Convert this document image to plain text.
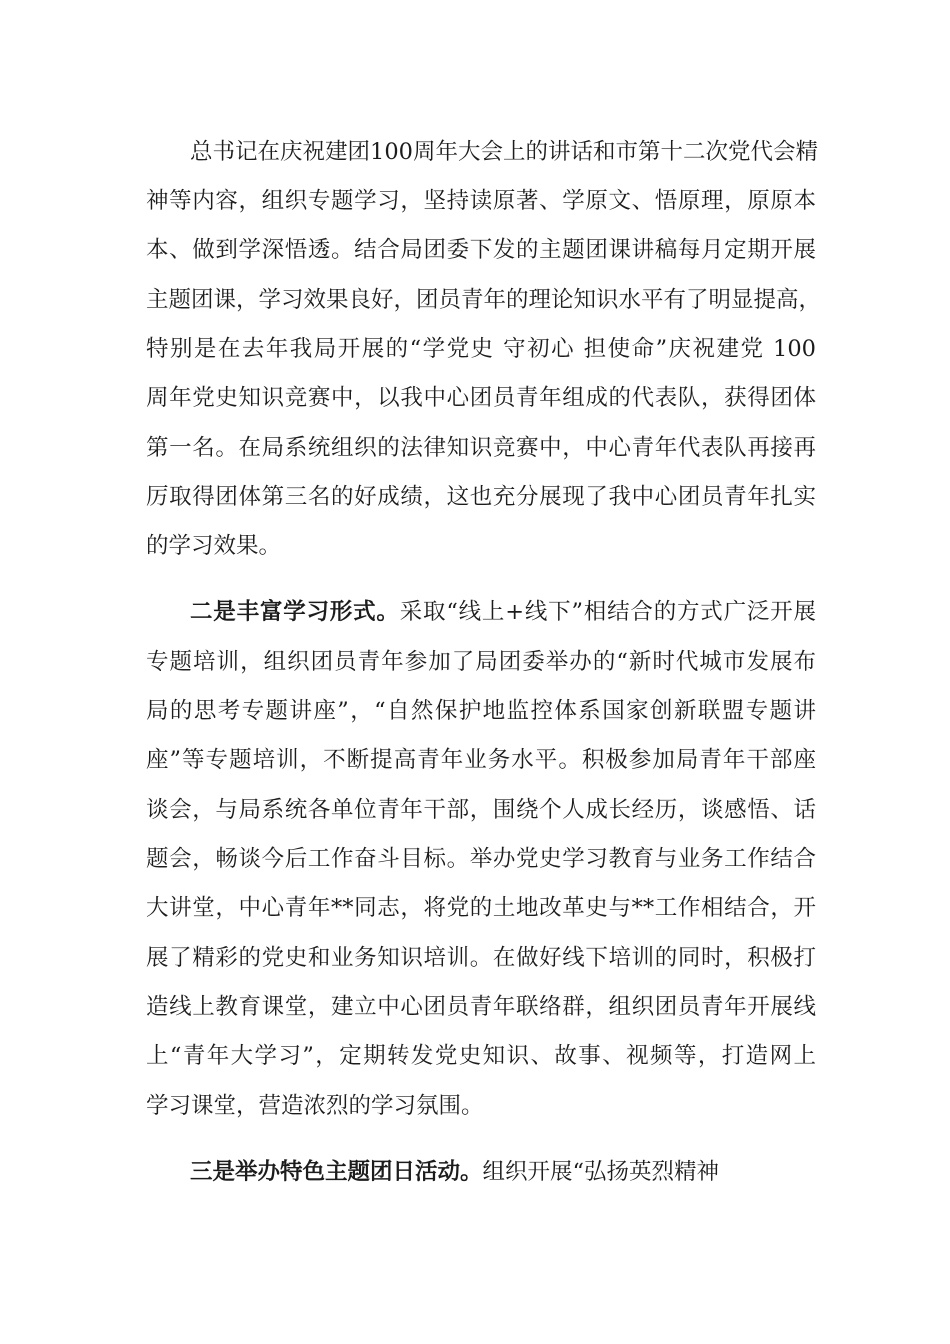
总书记在庆祝建团100周年大会上的讲话和市第十二次党代会精
神等内容，组织专题学习，坚持读原著、学原文、悟原理，原原本
本、做到学深悟透。结合局团委下发的主题团课讲稿每月定期开展
主题团课，学习效果良好，团员青年的理论知识水平有了明显提高，
特别是在去年我局开展的“学党史 守初心 担使命”庆祝建党 100
周年党史知识竞赛中，以我中心团员青年组成的代表队，获得团体
第一名。在局系统组织的法律知识竞赛中，中心青年代表队再接再
厉取得团体第三名的好成绩，这也充分展现了我中心团员青年扎实
的学习效果。
二是丰富学习形式。采取“线上+线下”相结合的方式广泛开展
专题培训，组织团员青年参加了局团委举办的“新时代城市发展布
局的思考专题讲座”，“自然保护地监控体系国家创新联盟专题讲
座”等专题培训，不断提高青年业务水平。积极参加局青年干部座
谈会，与局系统各单位青年干部，围绕个人成长经历，谈感悟、话
题会，畅谈今后工作奋斗目标。举办党史学习教育与业务工作结合
大讲堂，中心青年**同志，将党的土地改革史与**工作相结合，开
展了精彩的党史和业务知识培训。在做好线下培训的同时，积极打
造线上教育课堂，建立中心团员青年联络群，组织团员青年开展线
上“青年大学习”，定期转发党史知识、故事、视频等，打造网上
学习课堂，营造浓烈的学习氛围。
三是举办特色主题团日活动。组织开展“弘扬英烈精神
